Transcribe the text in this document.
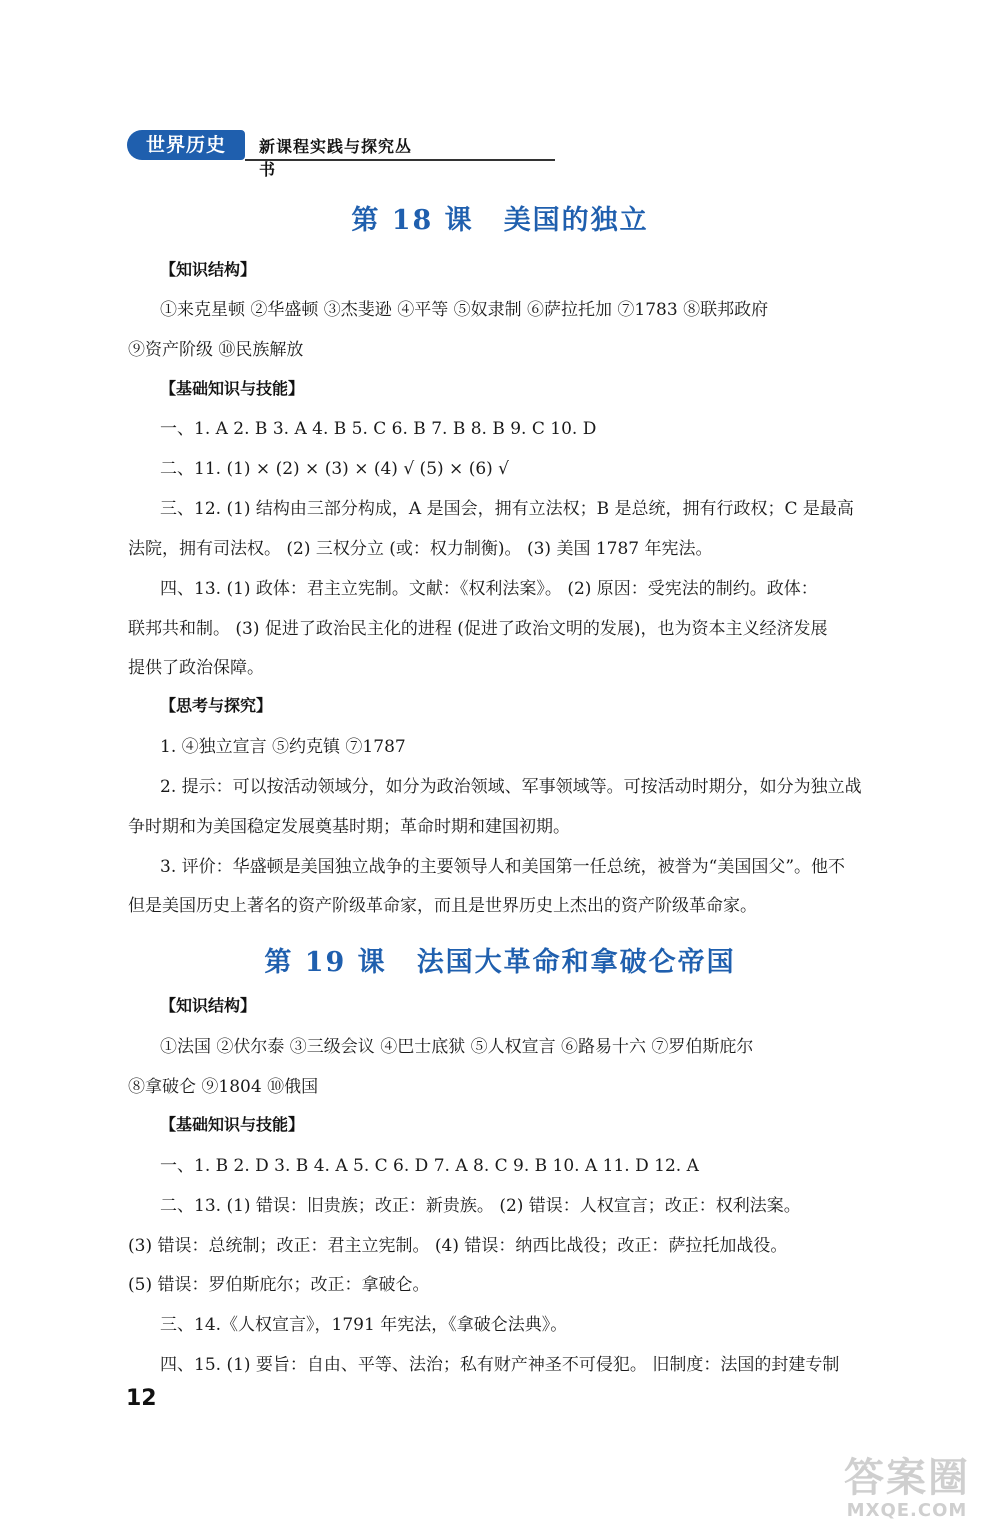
世界历史	新课程实践与探究丛书
第 18 课 美国的独立
【知识结构】
①来克星顿 ②华盛顿 ③杰斐逊 ④平等 ⑤奴隶制 ⑥萨拉托加 ⑦1783 ⑧联邦政府
⑨资产阶级 ⑩民族解放
【基础知识与技能】
一、1. A 2. B 3. A 4. B 5. C 6. B 7. B 8. B 9. C 10. D
二、11. (1) × (2) × (3) × (4) √ (5) × (6) √
三、12. (1) 结构由三部分构成，A 是国会，拥有立法权；B 是总统，拥有行政权；C 是最高
法院，拥有司法权。 (2) 三权分立 (或：权力制衡)。 (3) 美国 1787 年宪法。
四、13. (1) 政体：君主立宪制。文献：《权利法案》。 (2) 原因：受宪法的制约。政体：
联邦共和制。 (3) 促进了政治民主化的进程 (促进了政治文明的发展)，也为资本主义经济发展
提供了政治保障。
【思考与探究】
1. ④独立宣言 ⑤约克镇 ⑦1787
2. 提示：可以按活动领域分，如分为政治领域、军事领域等。可按活动时期分，如分为独立战
争时期和为美国稳定发展奠基时期；革命时期和建国初期。
3. 评价：华盛顿是美国独立战争的主要领导人和美国第一任总统，被誉为“美国国父”。他不
但是美国历史上著名的资产阶级革命家，而且是世界历史上杰出的资产阶级革命家。
第 19 课 法国大革命和拿破仑帝国
【知识结构】
①法国 ②伏尔泰 ③三级会议 ④巴士底狱 ⑤人权宣言 ⑥路易十六 ⑦罗伯斯庇尔
⑧拿破仑 ⑨1804 ⑩俄国
【基础知识与技能】
一、1. B 2. D 3. B 4. A 5. C 6. D 7. A 8. C 9. B 10. A 11. D 12. A
二、13. (1) 错误：旧贵族；改正：新贵族。 (2) 错误：人权宣言；改正：权利法案。
(3) 错误：总统制；改正：君主立宪制。 (4) 错误：纳西比战役；改正：萨拉托加战役。
(5) 错误：罗伯斯庇尔；改正：拿破仑。
三、14.《人权宣言》，1791 年宪法，《拿破仑法典》。
四、15. (1) 要旨：自由、平等、法治；私有财产神圣不可侵犯。 旧制度：法国的封建专制
12
答案圈
MXQE.COM
